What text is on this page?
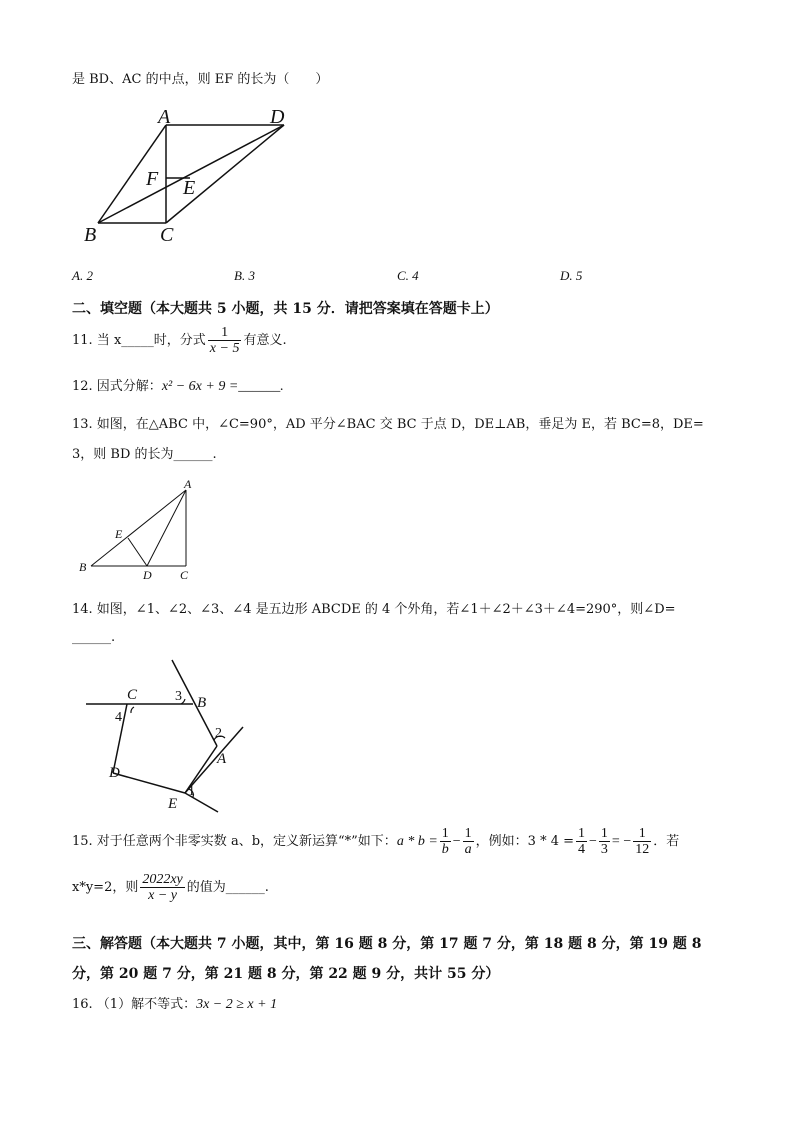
是 BD、AC 的中点，则 EF 的长为（　　）
A	D
F E
B	C
A. 2	B. 3	C. 4	D. 5
二、填空题（本大题共 5 小题，共 15 分．请把答案填在答题卡上）
11. 当 x_____时，分式 $\frac{1}{x - 5}$ 有意义.
12. 因式分解：x² − 6x + 9 =______.
13. 如图，在△ABC 中，∠C=90°，AD 平分∠BAC 交 BC 于点 D，DE⊥AB，垂足为 E，若 BC=8，DE=
3，则 BD 的长为______.
A
E
B
D C
14. 如图，∠1、∠2、∠3、∠4 是五边形 ABCDE 的 4 个外角，若∠1＋∠2＋∠3＋∠4=290°，则∠D=
______.
C	3 B
4
2
A
D
E
1
15. 对于任意两个非零实数 a、b，定义新运算“*”如下：$a * b = \frac{1}{b} - \frac{1}{a}$ ，例如：$3 * 4 = \frac{1}{4} - \frac{1}{3}$ = − $\frac{1}{12}$ ．若
x*y=2，则 $\frac{2022xy}{x - y}$ 的值为______.
三、解答题（本大题共 7 小题，其中，第 16 题 8 分，第 17 题 7 分，第 18 题 8 分，第 19 题 8
分，第 20 题 7 分，第 21 题 8 分，第 22 题 9 分，共计 55 分）
16. （1）解不等式：3x − 2 ≥ x + 1
